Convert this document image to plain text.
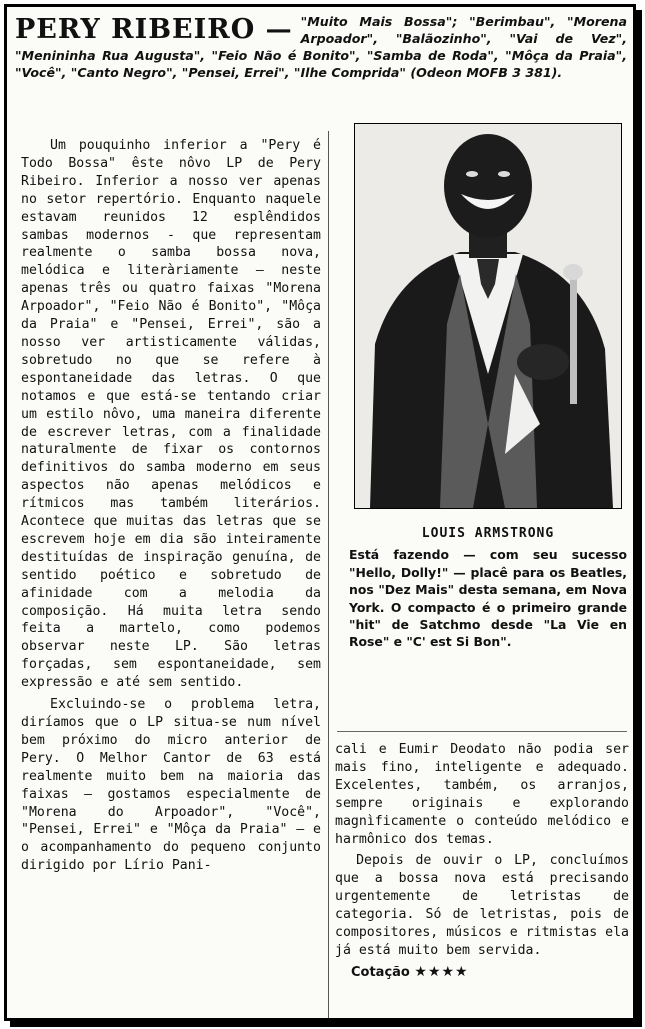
PERY RIBEIRO — "Muito Mais Bossa"; "Berimbau", "Morena Arpoador", "Balãozinho", "Vai de Vez", "Menininha Rua Augusta", "Feio Não é Bonito", "Samba de Roda", "Môça da Praia", "Você", "Canto Negro", "Pensei, Errei", "Ilhe Comprida" (Odeon MOFB 3 381).

Um pouquinho inferior a "Pery é Todo Bossa" êste nôvo LP de Pery Ribeiro. Inferior a nosso ver apenas no setor repertório. Enquanto naquele estavam reunidos 12 esplêndidos sambas modernos - que representam realmente o samba bossa nova, melódica e literàriamente — neste apenas três ou quatro faixas "Morena Arpoador", "Feio Não é Bonito", "Môça da Praia" e "Pensei, Errei", são a nosso ver artisticamente válidas, sobretudo no que se refere à espontaneidade das letras. O que notamos e que está-se tentando criar um estilo nôvo, uma maneira diferente de escrever letras, com a finalidade naturalmente de fixar os contornos definitivos do samba moderno em seus aspectos não apenas melódicos e rítmicos mas também literários. Acontece que muitas das letras que se escrevem hoje em dia são inteiramente destituídas de inspiração genuína, de sentido poético e sobretudo de afinidade com a melodia da composição. Há muita letra sendo feita a martelo, como podemos observar neste LP. São letras forçadas, sem espontaneidade, sem expressão e até sem sentido.

Excluindo-se o problema letra, diríamos que o LP situa-se num nível bem próximo do micro anterior de Pery. O Melhor Cantor de 63 está realmente muito bem na maioria das faixas — gostamos especialmente de "Morena do Arpoador", "Você", "Pensei, Errei" e "Môça da Praia" — e o acompanhamento do pequeno conjunto dirigido por Lírio Pani-

LOUIS ARMSTRONG

Está fazendo — com seu sucesso "Hello, Dolly!" — placê para os Beatles, nos "Dez Mais" desta semana, em Nova York. O compacto é o primeiro grande "hit" de Satchmo desde "La Vie en Rose" e "C' est Si Bon".

cali e Eumir Deodato não podia ser mais fino, inteligente e adequado. Excelentes, também, os arranjos, sempre originais e explorando magnìficamente o conteúdo melódico e harmônico dos temas.

Depois de ouvir o LP, concluímos que a bossa nova está precisando urgentemente de letristas de categoria. Só de letristas, pois de compositores, músicos e ritmistas ela já está muito bem servida.

Cotação ★★★★
